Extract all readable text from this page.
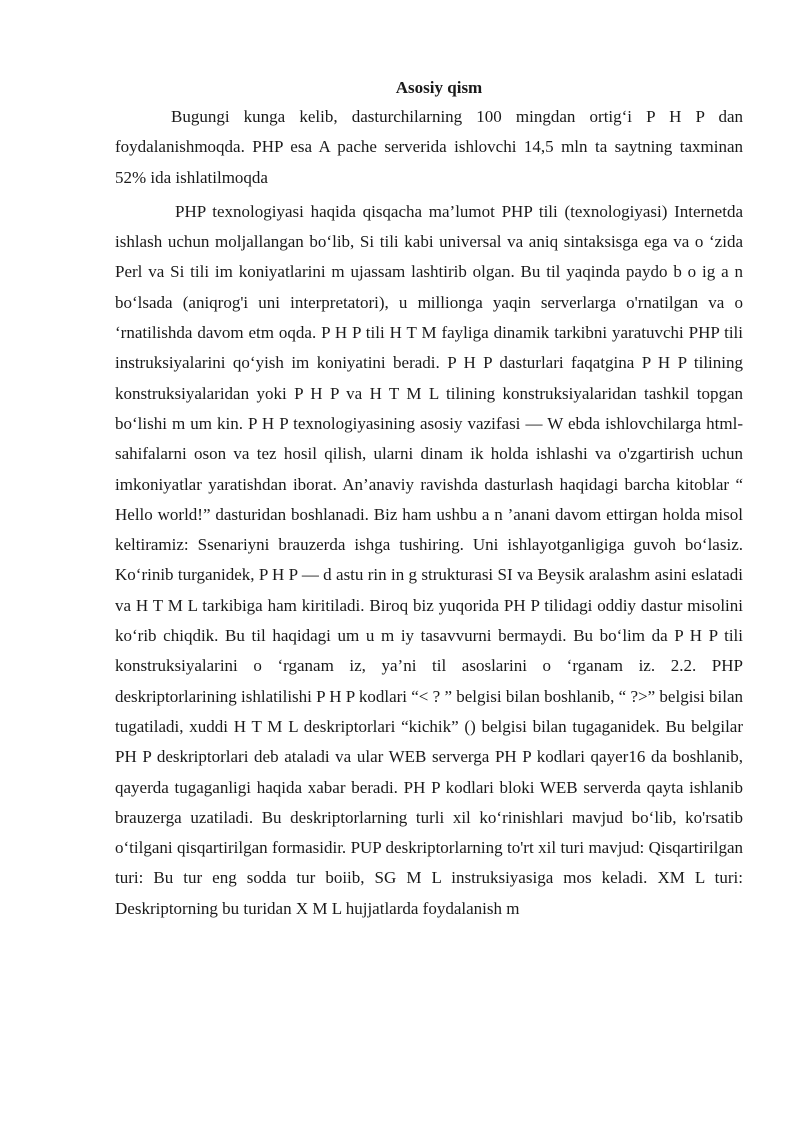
Asosiy qism

Bugungi kunga kelib, dasturchilarning 100 mingdan ortig‘i P H P dan foydalanishmoqda. PHP esa A pache serverida ishlovchi 14,5 mln ta saytning taxminan 52% ida ishlatilmoqda

PHP texnologiyasi haqida qisqacha ma’lumot PHP tili (texnologiyasi) Internetda ishlash uchun moljallangan bo‘lib, Si tili kabi universal va aniq sintaksisga ega va o ‘zida Perl va Si tili im koniyatlarini m ujassam lashtirib olgan. Bu til yaqinda paydo b o ig a n bo‘lsada (aniqrog'i uni interpretatori), u millionga yaqin serverlarga o'rnatilgan va o ‘rnatilishda davom etm oqda. P H P tili H T M fayliga dinamik tarkibni yaratuvchi PHP tili instruksiyalarini qo‘yish im koniyatini beradi. P H P dasturlari faqatgina P H P tilining konstruksiyalaridan yoki P H P va H T M L tilining konstruksiyalaridan tashkil topgan bo‘lishi m um kin. P H P texnologiyasining asosiy vazifasi — W ebda ishlovchilarga html-sahifalarni oson va tez hosil qilish, ularni dinam ik holda ishlashi va o'zgartirish uchun imkoniyatlar yaratishdan iborat. An’anaviy ravishda dasturlash haqidagi barcha kitoblar “ Hello world!” dasturidan boshlanadi. Biz ham ushbu a n ’anani davom ettirgan holda misol keltiramiz: Ssenariyni brauzerda ishga tushiring. Uni ishlayotganligiga guvoh bo‘lasiz. Ko‘rinib turganidek, P H P — d astu rin in g strukturasi SI va Beysik aralashm asini eslatadi va H T M L tarkibiga ham kiritiladi. Biroq biz yuqorida PH P tilidagi oddiy dastur misolini ko‘rib chiqdik. Bu til haqidagi um u m iy tasavvurni bermaydi. Bu bo‘lim da P H P tili konstruksiyalarini o ‘rganam iz, ya’ni til asoslarini o ‘rganam iz. 2.2. PHP deskriptorlarining ishlatilishi P H P kodlari “< ? ” belgisi bilan boshlanib, “ ?>” belgisi bilan tugatiladi, xuddi H T M L deskriptorlari “kichik” () belgisi bilan tugaganidek. Bu belgilar PH P deskriptorlari deb ataladi va ular WEB serverga PH P kodlari qayer16 da boshlanib, qayerda tugaganligi haqida xabar beradi. PH P kodlari bloki WEB serverda qayta ishlanib brauzerga uzatiladi. Bu deskriptorlarning turli xil ko‘rinishlari mavjud bo‘lib, ko'rsatib o‘tilgani qisqartirilgan formasidir. PUP deskriptorlarning to'rt xil turi mavjud: Qisqartirilgan turi: Bu tur eng sodda tur boiib, SG M L instruksiyasiga mos keladi. XM L turi: Deskriptorning bu turidan X M L hujjatlarda foydalanish m
